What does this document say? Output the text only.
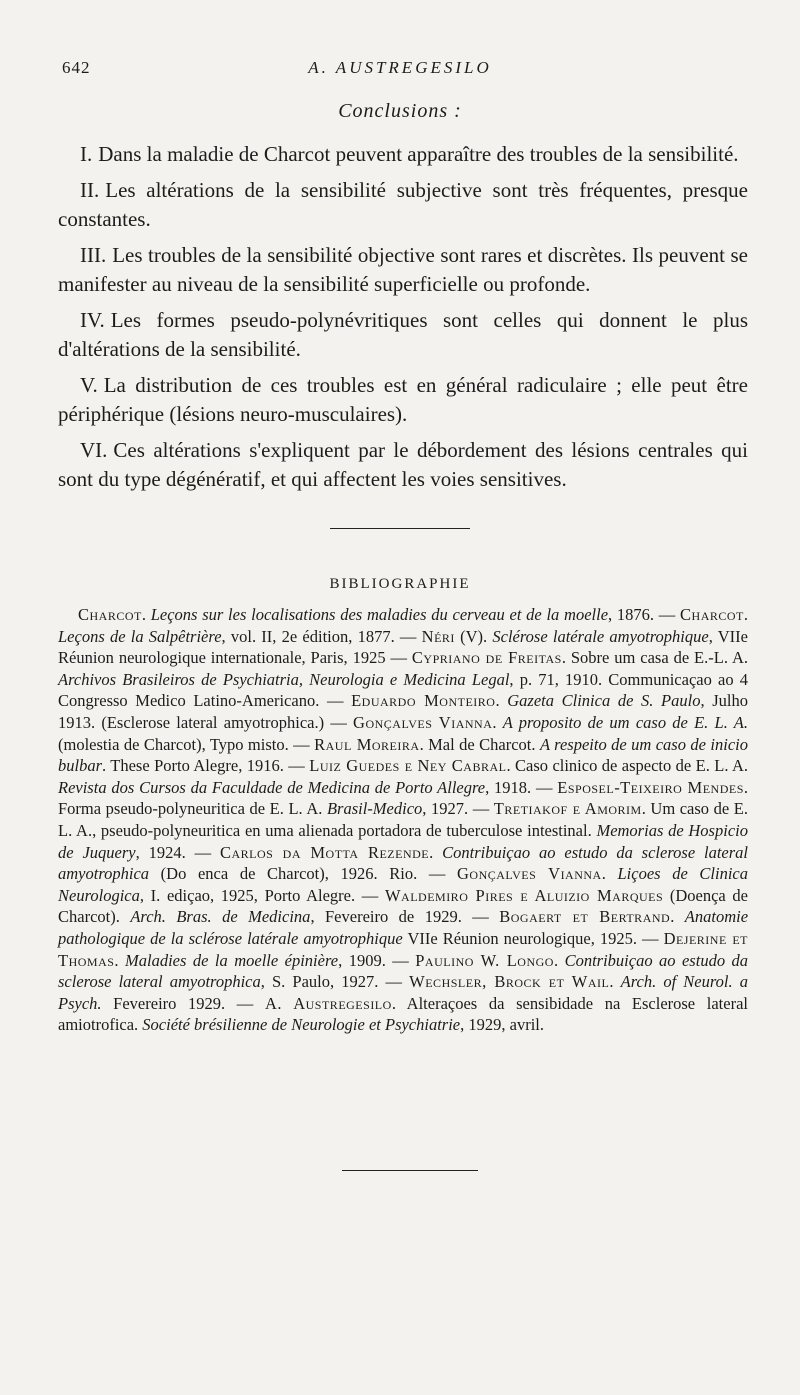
642	A. AUSTREGESILO
Conclusions :

I. Dans la maladie de Charcot peuvent apparaître des troubles de la sensibilité.

II. Les altérations de la sensibilité subjective sont très fréquentes, presque constantes.

III. Les troubles de la sensibilité objective sont rares et discrètes. Ils peuvent se manifester au niveau de la sensibilité superficielle ou profonde.

IV. Les formes pseudo-polynévritiques sont celles qui donnent le plus d'altérations de la sensibilité.

V. La distribution de ces troubles est en général radiculaire ; elle peut être périphérique (lésions neuro-musculaires).

VI. Ces altérations s'expliquent par le débordement des lésions centrales qui sont du type dégénératif, et qui affectent les voies sensitives.

BIBLIOGRAPHIE

Charcot. Leçons sur les localisations des maladies du cerveau et de la moelle, 1876. — Charcot. Leçons de la Salpêtrière, vol. II, 2e édition, 1877. — Néri (V). Sclérose latérale amyotrophique, VIIe Réunion neurologique internationale, Paris, 1925 — Cypriano de Freitas. Sobre um casa de E.-L. A. Archivos Brasileiros de Psychiatria, Neurologia e Medicina Legal, p. 71, 1910. Communicaçao ao 4 Congresso Medico Latino-Americano. — Eduardo Monteiro. Gazeta Clinica de S. Paulo, Julho 1913. (Esclerose lateral amyotrophica.) — Gonçalves Vianna. A proposito de um caso de E. L. A. (molestia de Charcot), Typo misto. — Raul Moreira. Mal de Charcot. A respeito de um caso de inicio bulbar. These Porto Alegre, 1916. — Luiz Guedes e Ney Cabral. Caso clinico de aspecto de E. L. A. Revista dos Cursos da Faculdade de Medicina de Porto Allegre, 1918. — Esposel-Teixeiro Mendes. Forma pseudo-polyneuritica de E. L. A. Brasil-Medico, 1927. — Tretiakof e Amorim. Um caso de E. L. A., pseudo-polyneuritica en uma alienada portadora de tuberculose intestinal. Memorias de Hospicio de Juquery, 1924. — Carlos da Motta Rezende. Contribuiçao ao estudo da sclerose lateral amyotrophica (Do enca de Charcot), 1926. Rio. — Gonçalves Vianna. Liçoes de Clinica Neurologica, I. ediçao, 1925, Porto Alegre. — Waldemiro Pires e Aluizio Marques (Doença de Charcot). Arch. Bras. de Medicina, Fevereiro de 1929. — Bogaert et Bertrand. Anatomie pathologique de la sclérose latérale amyotrophique VIIe Réunion neurologique, 1925. — Dejerine et Thomas. Maladies de la moelle épinière, 1909. — Paulino W. Longo. Contribuiçao ao estudo da sclerose lateral amyotrophica, S. Paulo, 1927. — Wechsler, Brock et Wail. Arch. of Neurol. a Psych. Fevereiro 1929. — A. Austregesilo. Alteraçoes da sensibidade na Esclerose lateral amiotrofica. Société brésilienne de Neurologie et Psychiatrie, 1929, avril.
